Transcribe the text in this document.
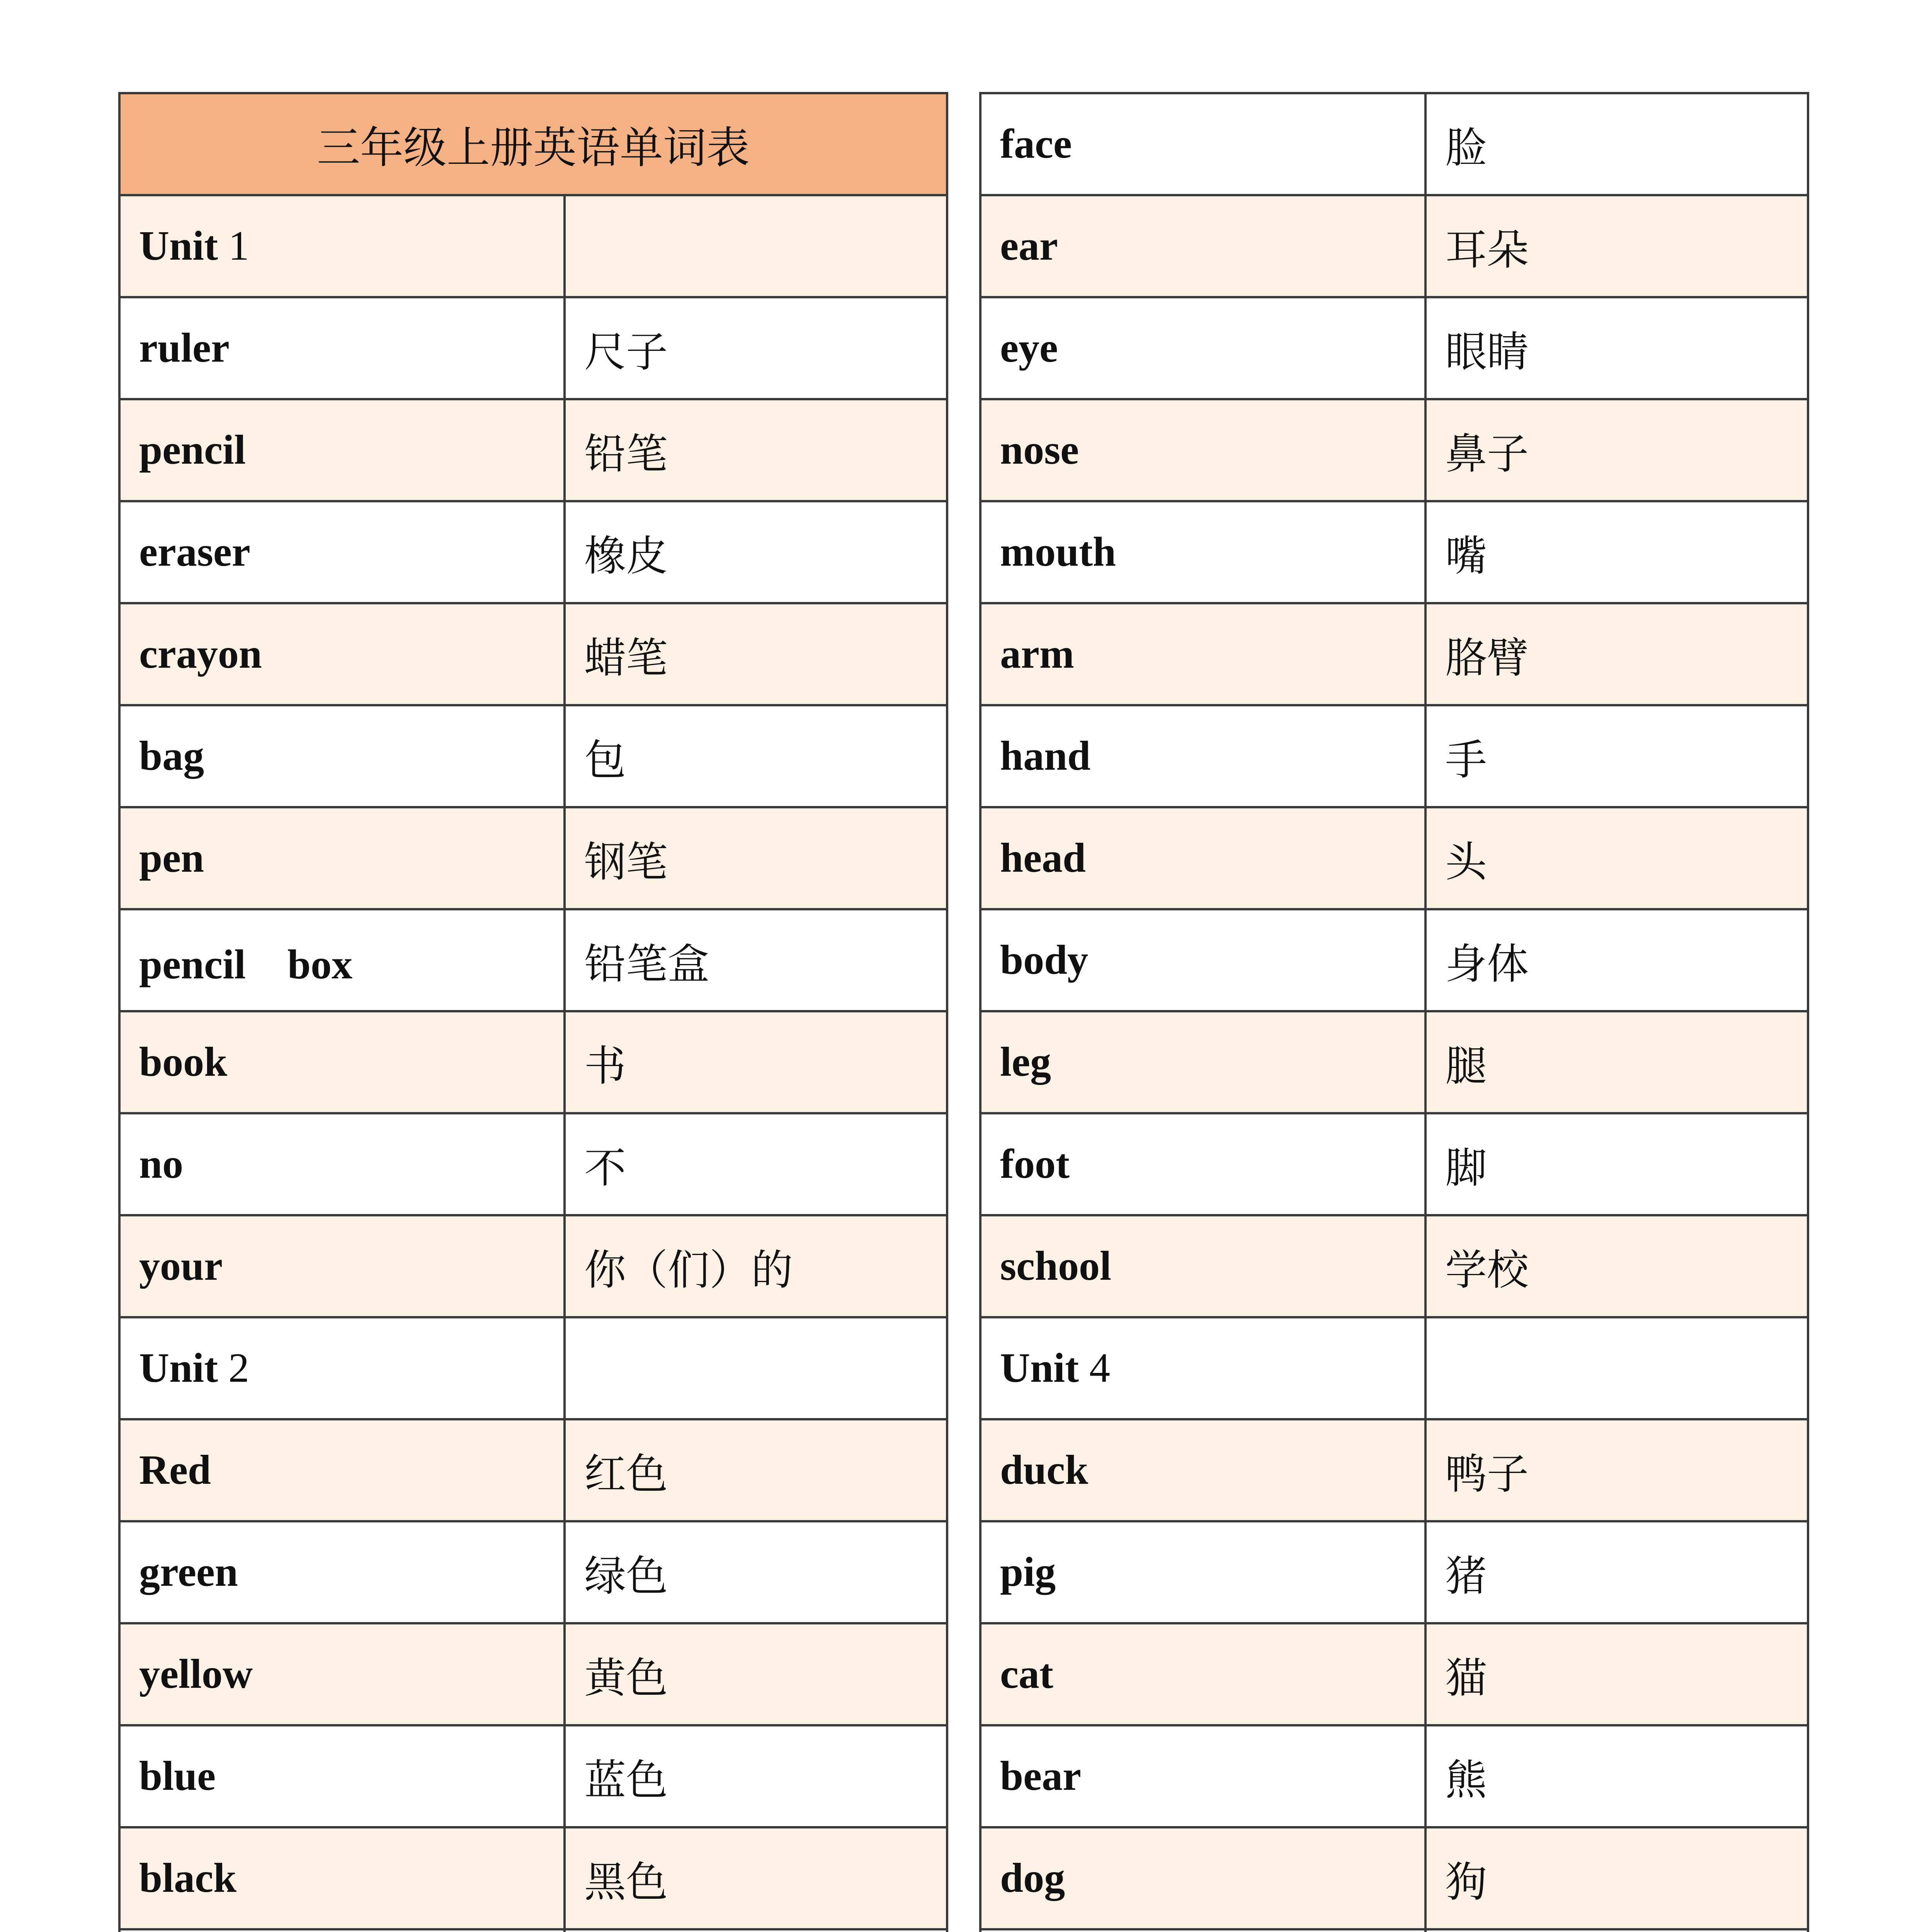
三年级上册英语单词表	
Unit 1	
ruler	尺子
pencil	铅笔
eraser	橡皮
crayon	蜡笔
bag	包
pen	钢笔
pencil　box	铅笔盒
book	书
no	不
your	你（们）的
Unit 2	
Red	红色
green	绿色
yellow	黄色
blue	蓝色
black	黑色

face	脸
ear	耳朵
eye	眼睛
nose	鼻子
mouth	嘴
arm	胳臂
hand	手
head	头
body	身体
leg	腿
foot	脚
school	学校
Unit 4	
duck	鸭子
pig	猪
cat	猫
bear	熊
dog	狗
